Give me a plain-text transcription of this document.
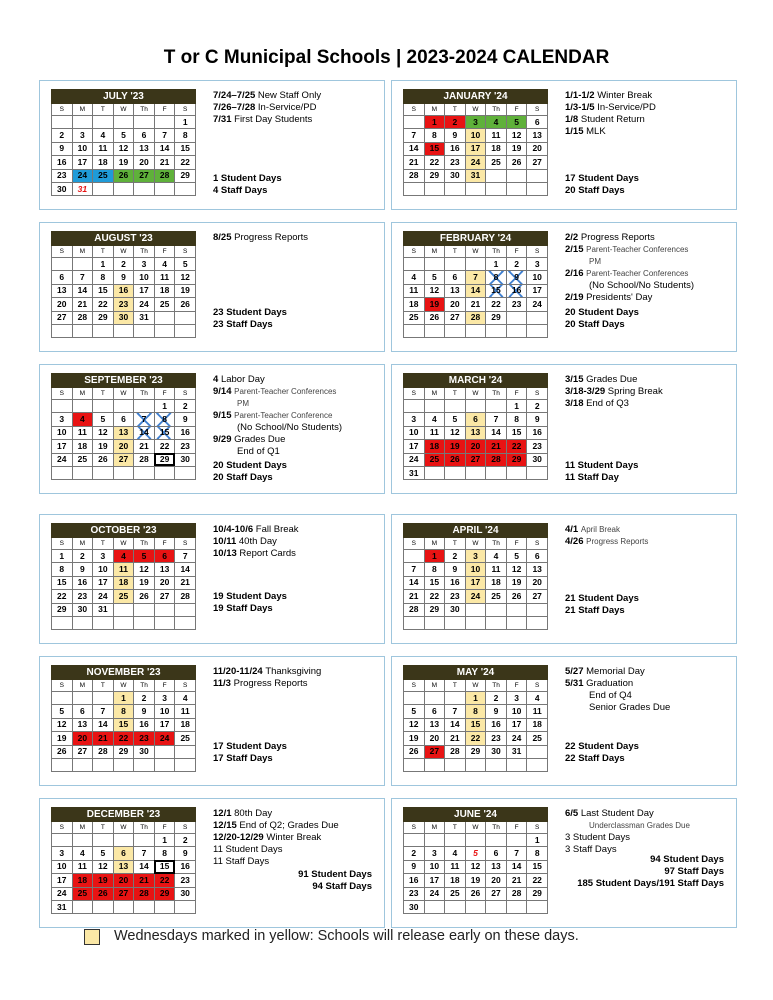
T or C Municipal Schools | 2023-2024 CALENDAR
JULY '23						
S	M	T	W	Th	F	S
						1
2	3	4	5	6	7	8
9	10	11	12	13	14	15
16	17	18	19	20	21	22
23	24	25	26	27	28	29
30	31					
7/24–7/25 New Staff Only
7/26–7/28 In-Service/PD
7/31 First Day Students
1 Student Days
4 Staff Days
JANUARY '24						
S	M	T	W	Th	F	S
	1	2	3	4	5	6
7	8	9	10	11	12	13
14	15	16	17	18	19	20
21	22	23	24	25	26	27
28	29	30	31			

1/1-1/2 Winter Break
1/3-1/5 In-Service/PD
1/8 Student Return
1/15 MLK
17 Student Days
20 Staff Days
AUGUST '23						
S	M	T	W	Th	F	S
		1	2	3	4	5
6	7	8	9	10	11	12
13	14	15	16	17	18	19
20	21	22	23	24	25	26
27	28	29	30	31		

8/25 Progress Reports
23 Student Days
23 Staff Days
FEBRUARY '24						
S	M	T	W	Th	F	S
				1	2	3
4	5	6	7	8	9	10
11	12	13	14	15	16	17
18	19	20	21	22	23	24
25	26	27	28	29		

2/2 Progress Reports
2/15 Parent-Teacher Conferences
PM
2/16 Parent-Teacher Conferences
(No School/No Students)
2/19 Presidents' Day
20 Student Days
20 Staff Days
SEPTEMBER '23						
S	M	T	W	Th	F	S
					1	2
3	4	5	6	7	8	9
10	11	12	13	14	15	16
17	18	19	20	21	22	23
24	25	26	27	28	29	30

4 Labor Day
9/14 Parent-Teacher Conferences
PM
9/15 Parent-Teacher Conference
(No School/No Students)
9/29 Grades Due
End of Q1
20 Student Days
20 Staff Days
MARCH '24						
S	M	T	W	Th	F	S
					1	2
3	4	5	6	7	8	9
10	11	12	13	14	15	16
17	18	19	20	21	22	23
24	25	26	27	28	29	30
31						
3/15 Grades Due
3/18-3/29 Spring Break
3/18 End of Q3
11 Student Days
11 Staff Day
OCTOBER '23						
S	M	T	W	Th	F	S
1	2	3	4	5	6	7
8	9	10	11	12	13	14
15	16	17	18	19	20	21
22	23	24	25	26	27	28
29	30	31				

10/4-10/6 Fall Break
10/11 40th Day
10/13 Report Cards
19 Student Days
19 Staff Days
APRIL '24						
S	M	T	W	Th	F	S
	1	2	3	4	5	6
7	8	9	10	11	12	13
14	15	16	17	18	19	20
21	22	23	24	25	26	27
28	29	30				

4/1 April Break
4/26 Progress Reports
21 Student Days
21 Staff Days
NOVEMBER '23						
S	M	T	W	Th	F	S
			1	2	3	4
5	6	7	8	9	10	11
12	13	14	15	16	17	18
19	20	21	22	23	24	25
26	27	28	29	30		

11/20-11/24 Thanksgiving
11/3 Progress Reports
17 Student Days
17 Staff Days
MAY '24						
S	M	T	W	Th	F	S
			1	2	3	4
5	6	7	8	9	10	11
12	13	14	15	16	17	18
19	20	21	22	23	24	25
26	27	28	29	30	31	

5/27 Memorial Day
5/31 Graduation
End of Q4
Senior Grades Due
22 Student Days
22 Staff Days
DECEMBER '23						
S	M	T	W	Th	F	S
					1	2
3	4	5	6	7	8	9
10	11	12	13	14	15	16
17	18	19	20	21	22	23
24	25	26	27	28	29	30
31						
12/1 80th Day
12/15 End of Q2; Grades Due
12/20-12/29 Winter Break
11 Student Days
11 Staff Days
91 Student Days
94 Staff Days
JUNE '24						
S	M	T	W	Th	F	S
						1
2	3	4	5	6	7	8
9	10	11	12	13	14	15
16	17	18	19	20	21	22
23	24	25	26	27	28	29
30						
6/5 Last Student Day
Underclassman Grades Due
3 Student Days
3 Staff Days
94 Student Days
97 Staff Days
185 Student Days/191 Staff Days
Wednesdays marked in yellow: Schools will release early on these days.
